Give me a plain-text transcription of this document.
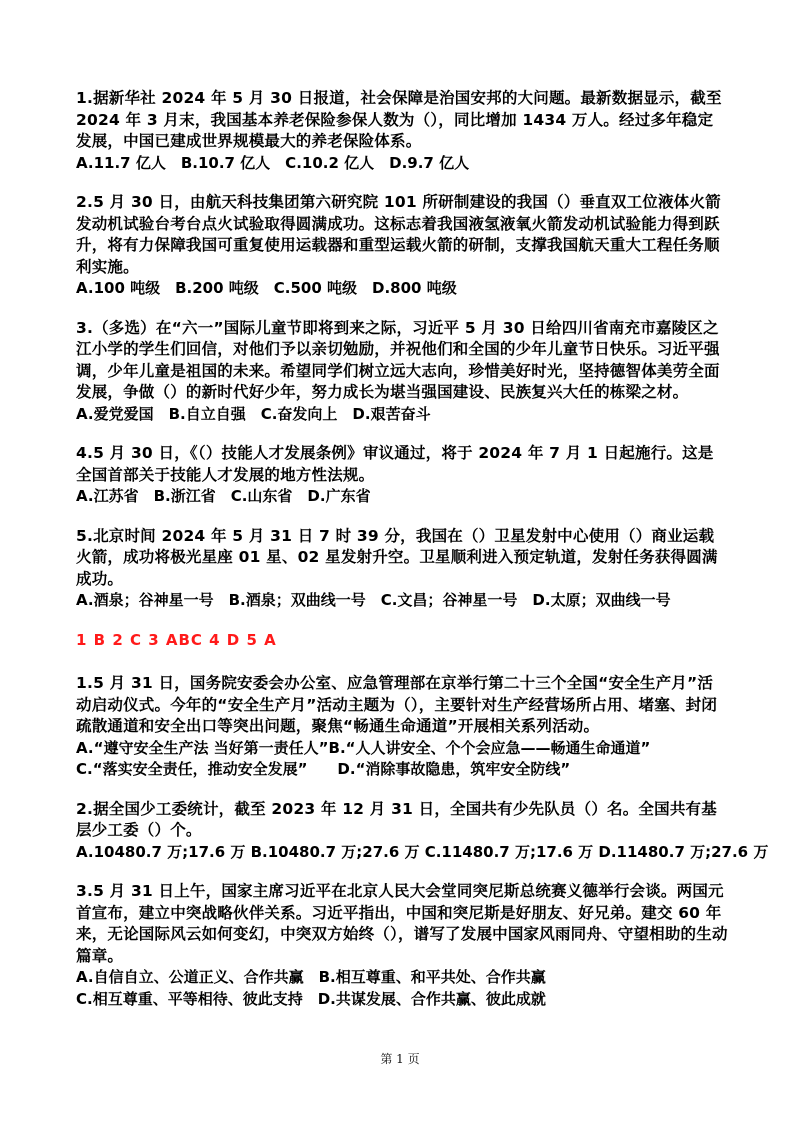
1.据新华社 2024 年 5 月 30 日报道，社会保障是治国安邦的大问题。最新数据显示，截至 2024 年 3 月末，我国基本养老保险参保人数为（），同比增加 1434 万人。经过多年稳定发展，中国已建成世界规模最大的养老保险体系。

A.11.7 亿人　B.10.7 亿人　C.10.2 亿人　D.9.7 亿人

2.5 月 30 日，由航天科技集团第六研究院 101 所研制建设的我国（）垂直双工位液体火箭发动机试验台考台点火试验取得圆满成功。这标志着我国液氢液氧火箭发动机试验能力得到跃升，将有力保障我国可重复使用运载器和重型运载火箭的研制，支撑我国航天重大工程任务顺利实施。

A.100 吨级　B.200 吨级　C.500 吨级　D.800 吨级

3.（多选）在“六一”国际儿童节即将到来之际，习近平 5 月 30 日给四川省南充市嘉陵区之江小学的学生们回信，对他们予以亲切勉励，并祝他们和全国的少年儿童节日快乐。习近平强调，少年儿童是祖国的未来。希望同学们树立远大志向，珍惜美好时光，坚持德智体美劳全面发展，争做（）的新时代好少年，努力成长为堪当强国建设、民族复兴大任的栋梁之材。

A.爱党爱国　B.自立自强　C.奋发向上　D.艰苦奋斗

4.5 月 30 日，《（）技能人才发展条例》审议通过，将于 2024 年 7 月 1 日起施行。这是全国首部关于技能人才发展的地方性法规。

A.江苏省　B.浙江省　C.山东省　D.广东省

5.北京时间 2024 年 5 月 31 日 7 时 39 分，我国在（）卫星发射中心使用（）商业运载火箭，成功将极光星座 01 星、02 星发射升空。卫星顺利进入预定轨道，发射任务获得圆满成功。

A.酒泉；谷神星一号　B.酒泉；双曲线一号　C.文昌；谷神星一号　D.太原；双曲线一号

1 B 2 C 3 ABC 4 D 5 A

1.5 月 31 日，国务院安委会办公室、应急管理部在京举行第二十三个全国“安全生产月”活动启动仪式。今年的“安全生产月”活动主题为（），主要针对生产经营场所占用、堵塞、封闭疏散通道和安全出口等突出问题，聚焦“畅通生命通道”开展相关系列活动。

A.“遵守安全生产法 当好第一责任人”B.“人人讲安全、个个会应急——畅通生命通道”

C.“落实安全责任，推动安全发展”　　D.“消除事故隐患，筑牢安全防线”

2.据全国少工委统计，截至 2023 年 12 月 31 日，全国共有少先队员（）名。全国共有基层少工委（）个。

A.10480.7 万;17.6 万 B.10480.7 万;27.6 万 C.11480.7 万;17.6 万 D.11480.7 万;27.6 万

3.5 月 31 日上午，国家主席习近平在北京人民大会堂同突尼斯总统赛义德举行会谈。两国元首宣布，建立中突战略伙伴关系。习近平指出，中国和突尼斯是好朋友、好兄弟。建交 60 年来，无论国际风云如何变幻，中突双方始终（），谱写了发展中国家风雨同舟、守望相助的生动篇章。

A.自信自立、公道正义、合作共赢　B.相互尊重、和平共处、合作共赢

C.相互尊重、平等相待、彼此支持　D.共谋发展、合作共赢、彼此成就

第 1 页
